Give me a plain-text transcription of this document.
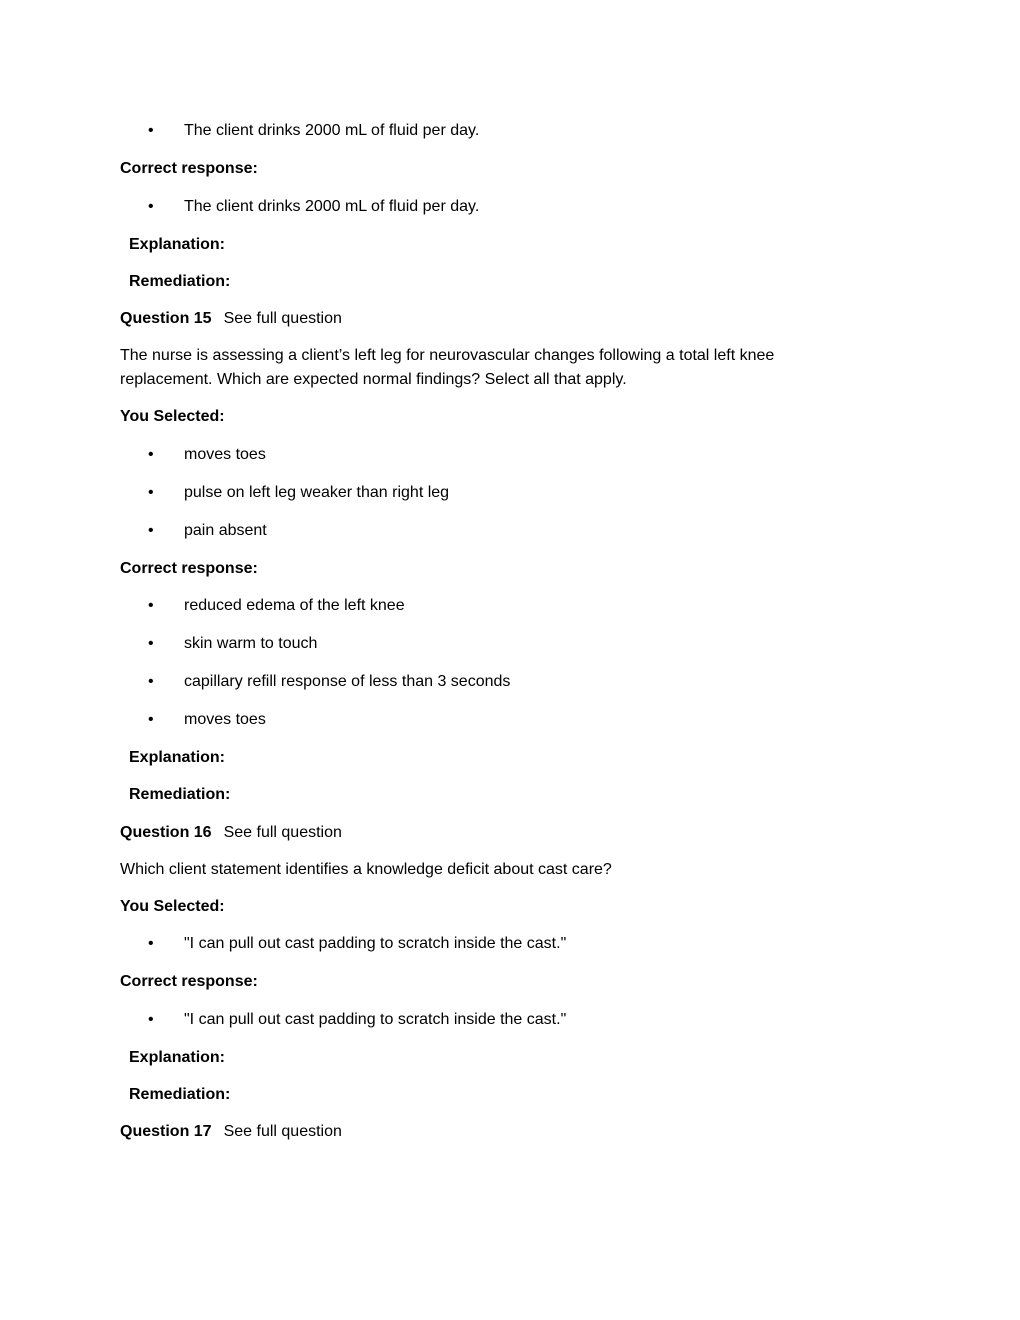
• The client drinks 2000 mL of fluid per day.
Correct response:
• The client drinks 2000 mL of fluid per day.
Explanation:
Remediation:
Question 15 See full question
The nurse is assessing a client’s left leg for neurovascular changes following a total left knee replacement. Which are expected normal findings? Select all that apply.
You Selected:
• moves toes
• pulse on left leg weaker than right leg
• pain absent
Correct response:
• reduced edema of the left knee
• skin warm to touch
• capillary refill response of less than 3 seconds
• moves toes
Explanation:
Remediation:
Question 16 See full question
Which client statement identifies a knowledge deficit about cast care?
You Selected:
• "I can pull out cast padding to scratch inside the cast."
Correct response:
• "I can pull out cast padding to scratch inside the cast."
Explanation:
Remediation:
Question 17 See full question
